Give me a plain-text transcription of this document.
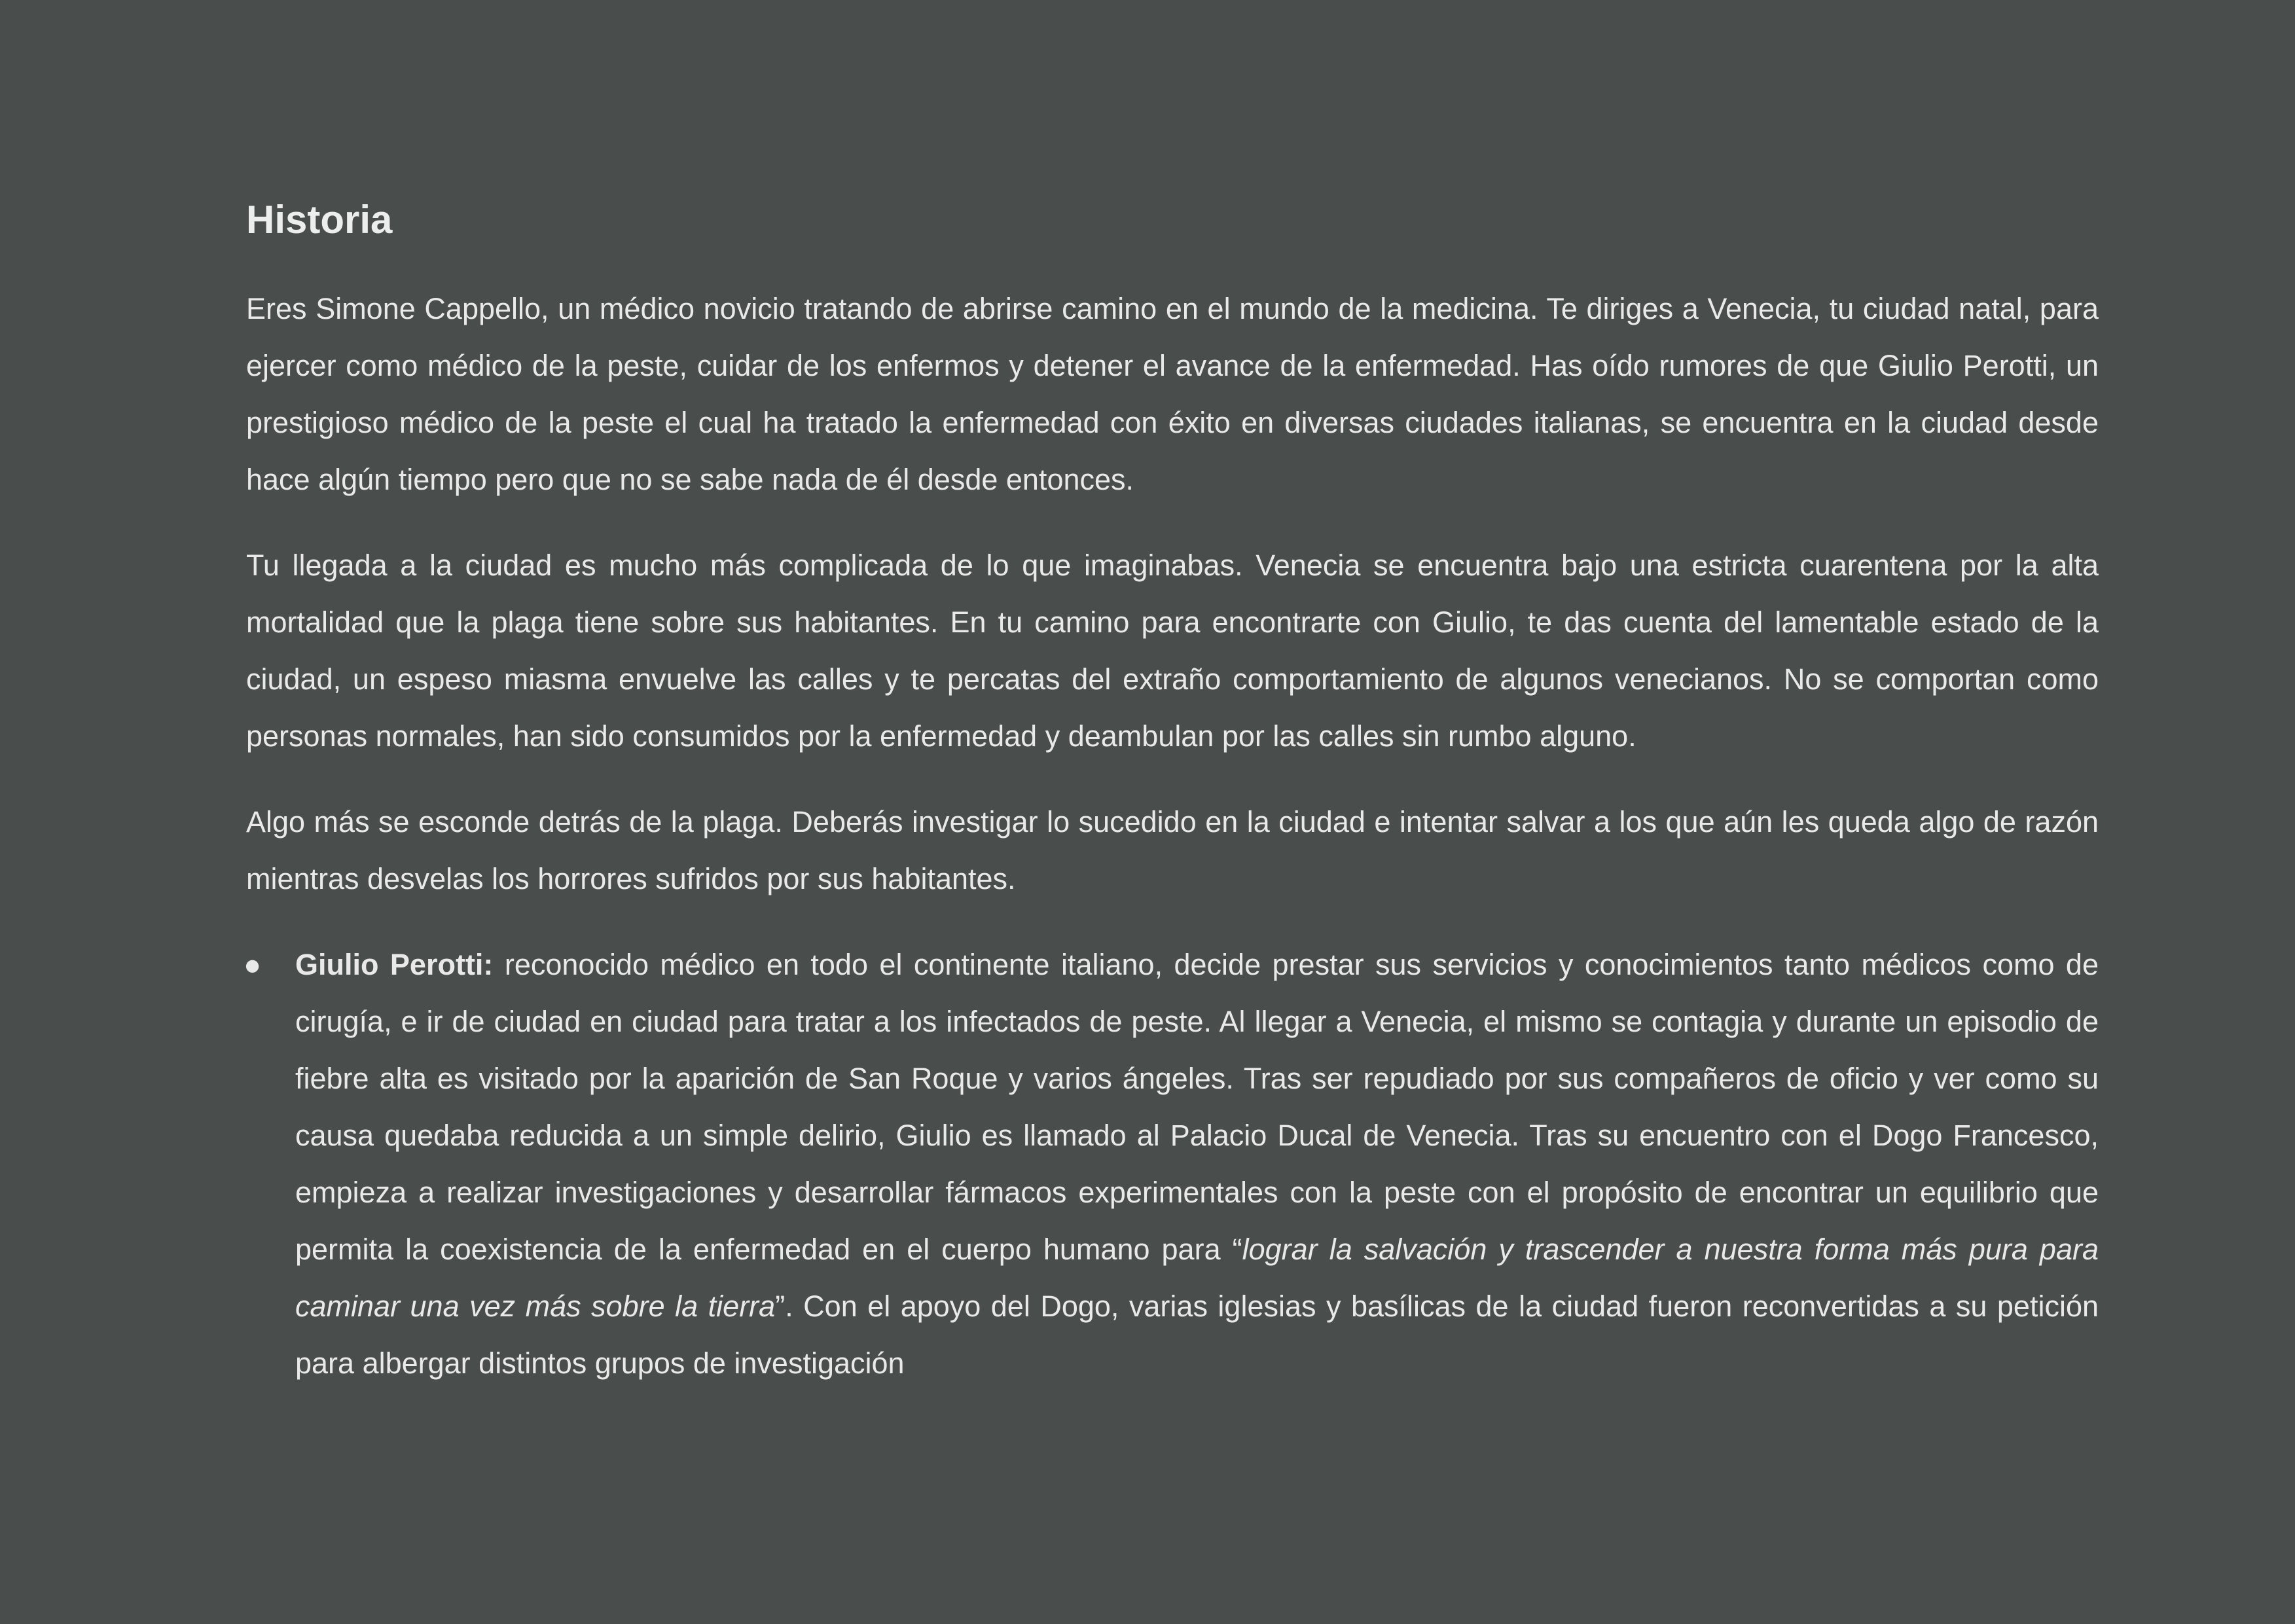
Historia

Eres Simone Cappello, un médico novicio tratando de abrirse camino en el mundo de la medicina. Te diriges a Venecia, tu ciudad natal, para ejercer como médico de la peste, cuidar de los enfermos y detener el avance de la enfermedad. Has oído rumores de que Giulio Perotti, un prestigioso médico de la peste el cual ha tratado la enfermedad con éxito en diversas ciudades italianas, se encuentra en la ciudad desde hace algún tiempo pero que no se sabe nada de él desde entonces.

Tu llegada a la ciudad es mucho más complicada de lo que imaginabas. Venecia se encuentra bajo una estricta cuarentena por la alta mortalidad que la plaga tiene sobre sus habitantes. En tu camino para encontrarte con Giulio, te das cuenta del lamentable estado de la ciudad, un espeso miasma envuelve las calles y te percatas del extraño comportamiento de algunos venecianos. No se comportan como personas normales, han sido consumidos por la enfermedad y deambulan por las calles sin rumbo alguno.

Algo más se esconde detrás de la plaga. Deberás investigar lo sucedido en la ciudad e intentar salvar a los que aún les queda algo de razón mientras desvelas los horrores sufridos por sus habitantes.

● Giulio Perotti: reconocido médico en todo el continente italiano, decide prestar sus servicios y conocimientos tanto médicos como de cirugía, e ir de ciudad en ciudad para tratar a los infectados de peste. Al llegar a Venecia, el mismo se contagia y durante un episodio de fiebre alta es visitado por la aparición de San Roque y varios ángeles. Tras ser repudiado por sus compañeros de oficio y ver como su causa quedaba reducida a un simple delirio, Giulio es llamado al Palacio Ducal de Venecia. Tras su encuentro con el Dogo Francesco, empieza a realizar investigaciones y desarrollar fármacos experimentales con la peste con el propósito de encontrar un equilibrio que permita la coexistencia de la enfermedad en el cuerpo humano para “lograr la salvación y trascender a nuestra forma más pura para caminar una vez más sobre la tierra”. Con el apoyo del Dogo, varias iglesias y basílicas de la ciudad fueron reconvertidas a su petición para albergar distintos grupos de investigación
